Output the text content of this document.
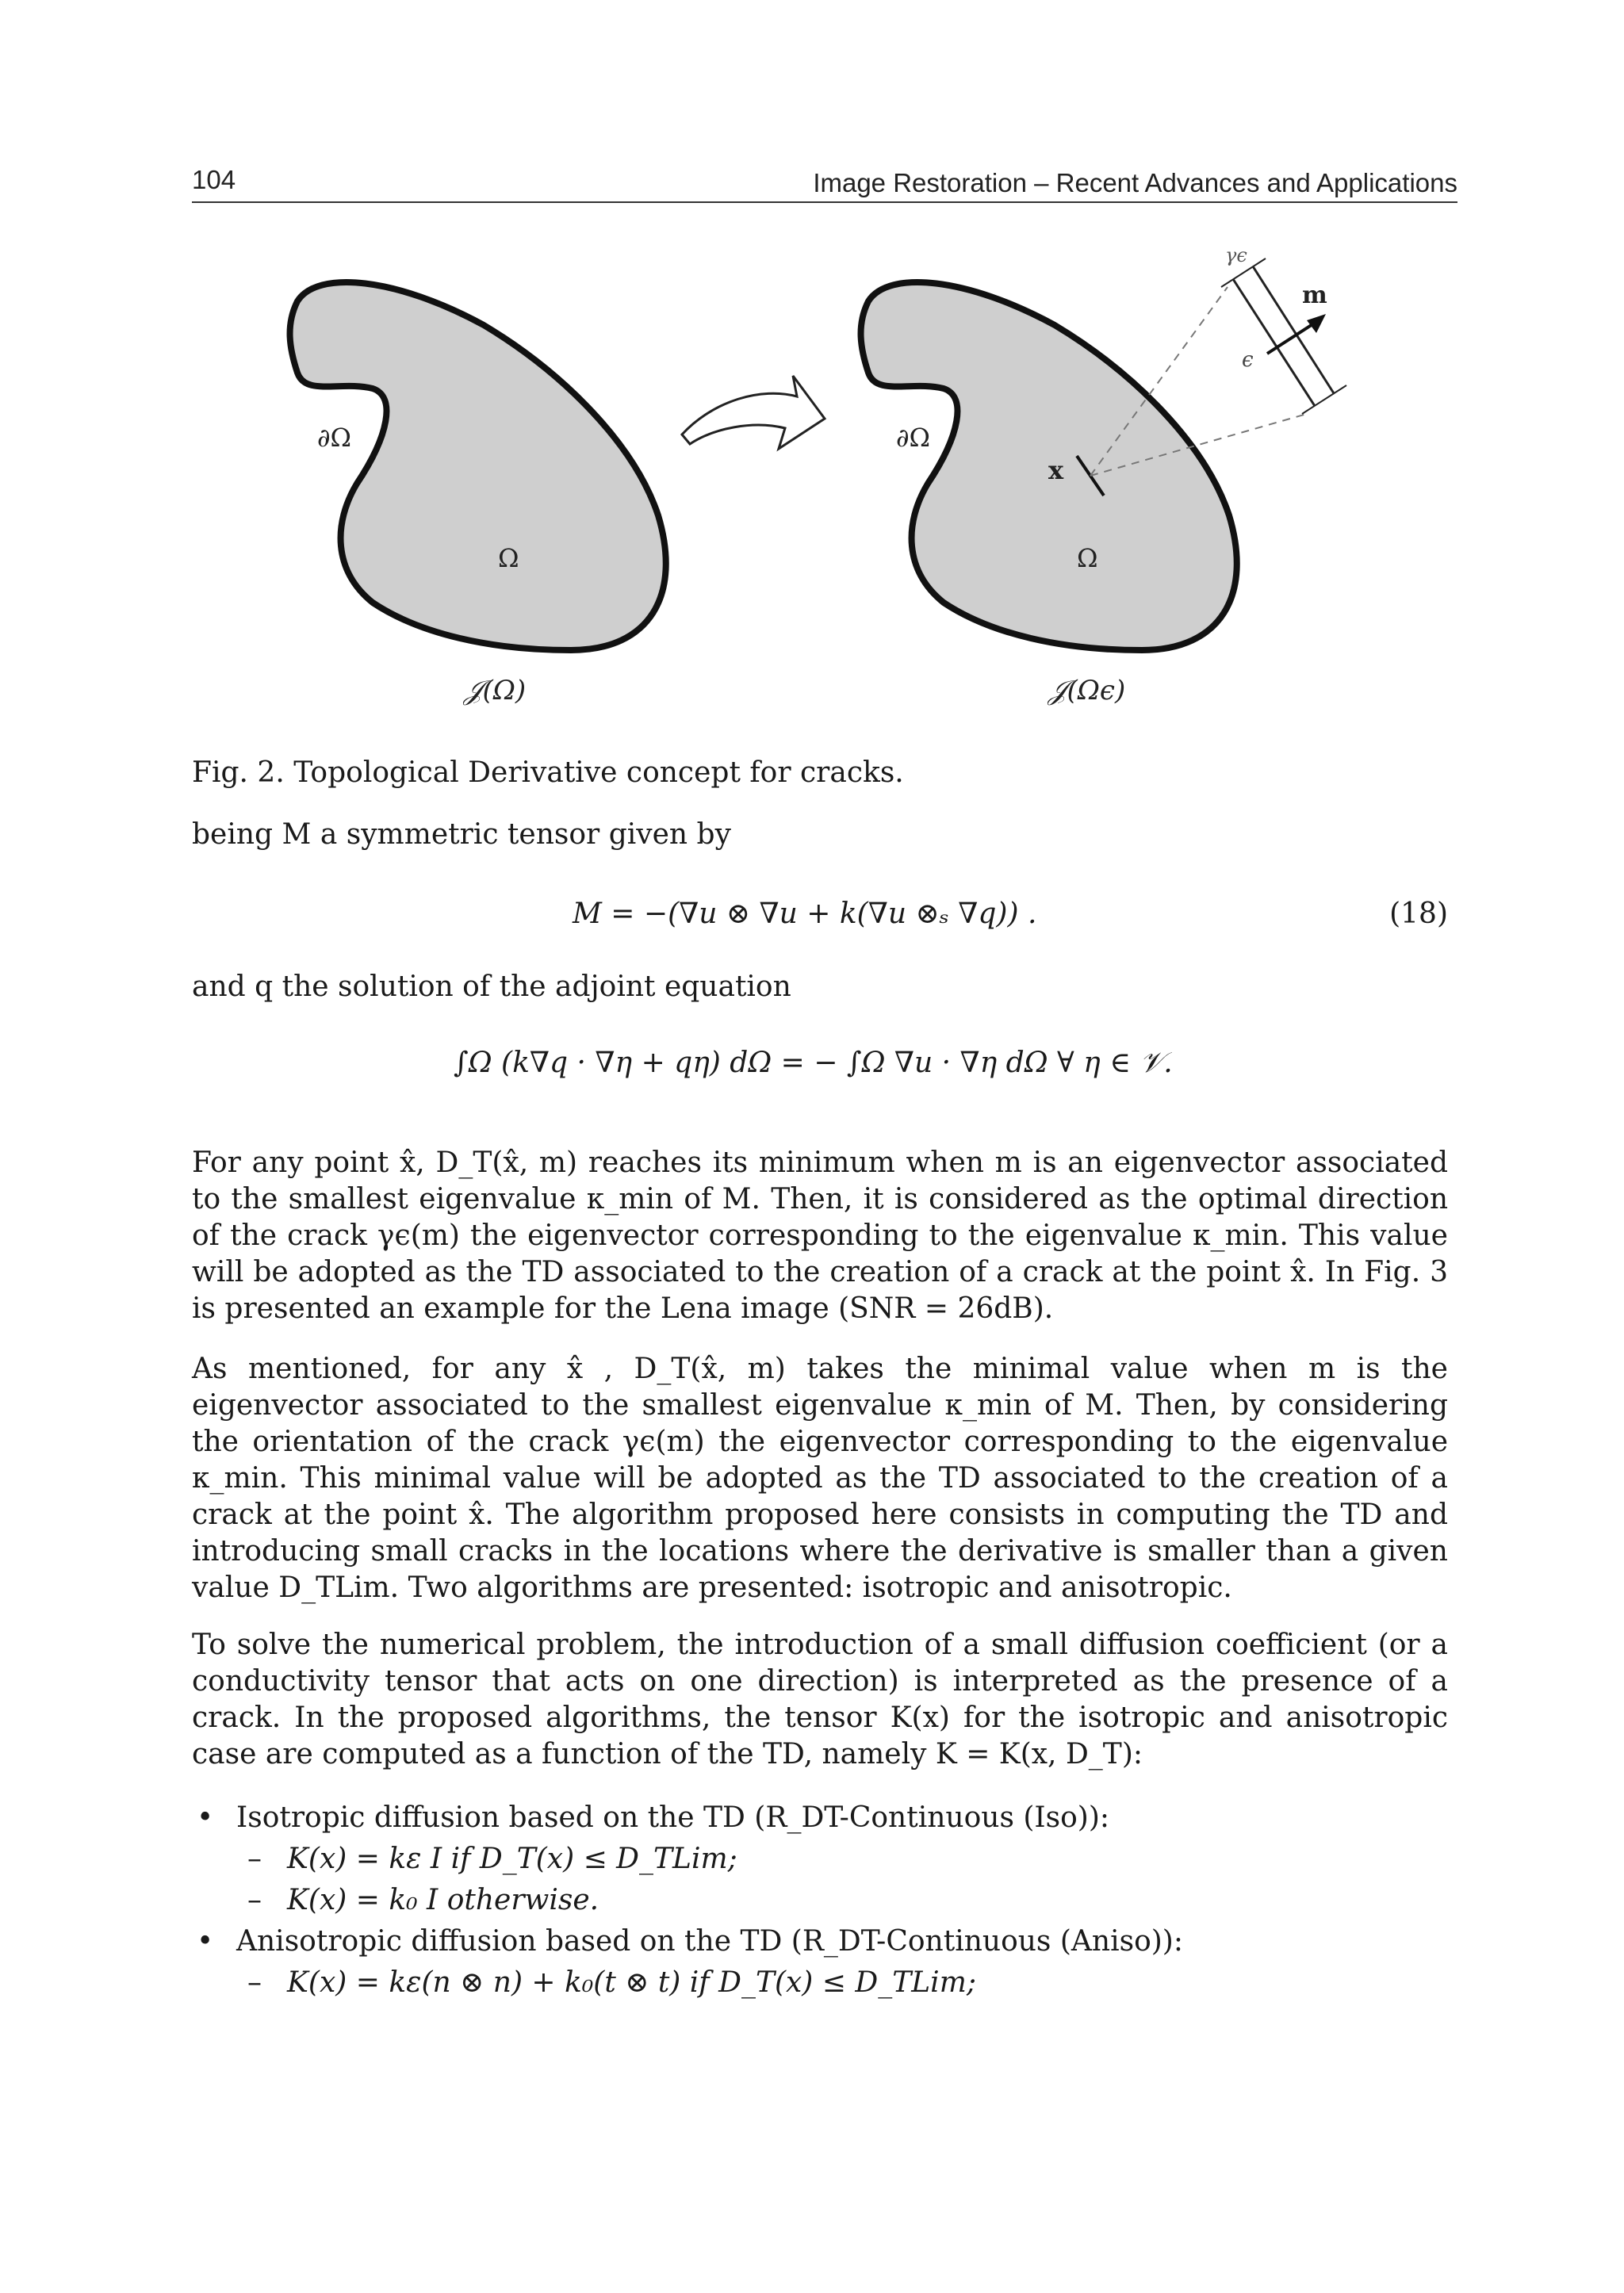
104	Image Restoration – Recent Advances and Applications
∂Ω
Ω
𝒥(Ω)
∂Ω
Ω
𝒥(Ωϵ)
x
γϵ
m
ϵ
Fig. 2. Topological Derivative concept for cracks.
being M a symmetric tensor given by
M = −(∇u ⊗ ∇u + k(∇u ⊗ₛ ∇q)) .	(18)
and q the solution of the adjoint equation
∫Ω (k∇q · ∇η + qη) dΩ = − ∫Ω ∇u · ∇η dΩ ∀ η ∈ 𝒱.
For any point x̂, D_T(x̂, m) reaches its minimum when m is an eigenvector associated to the smallest eigenvalue κ_min of M. Then, it is considered as the optimal direction of the crack γϵ(m) the eigenvector corresponding to the eigenvalue κ_min. This value will be adopted as the TD associated to the creation of a crack at the point x̂. In Fig. 3 is presented an example for the Lena image (SNR = 26dB).
As mentioned, for any x̂ , D_T(x̂, m) takes the minimal value when m is the eigenvector associated to the smallest eigenvalue κ_min of M. Then, by considering the orientation of the crack γϵ(m) the eigenvector corresponding to the eigenvalue κ_min. This minimal value will be adopted as the TD associated to the creation of a crack at the point x̂. The algorithm proposed here consists in computing the TD and introducing small cracks in the locations where the derivative is smaller than a given value D_TLim. Two algorithms are presented: isotropic and anisotropic.
To solve the numerical problem, the introduction of a small diffusion coefficient (or a conductivity tensor that acts on one direction) is interpreted as the presence of a crack. In the proposed algorithms, the tensor K(x) for the isotropic and anisotropic case are computed as a function of the TD, namely K = K(x, D_T):
• Isotropic diffusion based on the TD (R_DT-Continuous (Iso)):
– K(x) = kε I if D_T(x) ≤ D_TLim;
– K(x) = k₀ I otherwise.
• Anisotropic diffusion based on the TD (R_DT-Continuous (Aniso)):
– K(x) = kε(n ⊗ n) + k₀(t ⊗ t) if D_T(x) ≤ D_TLim;
